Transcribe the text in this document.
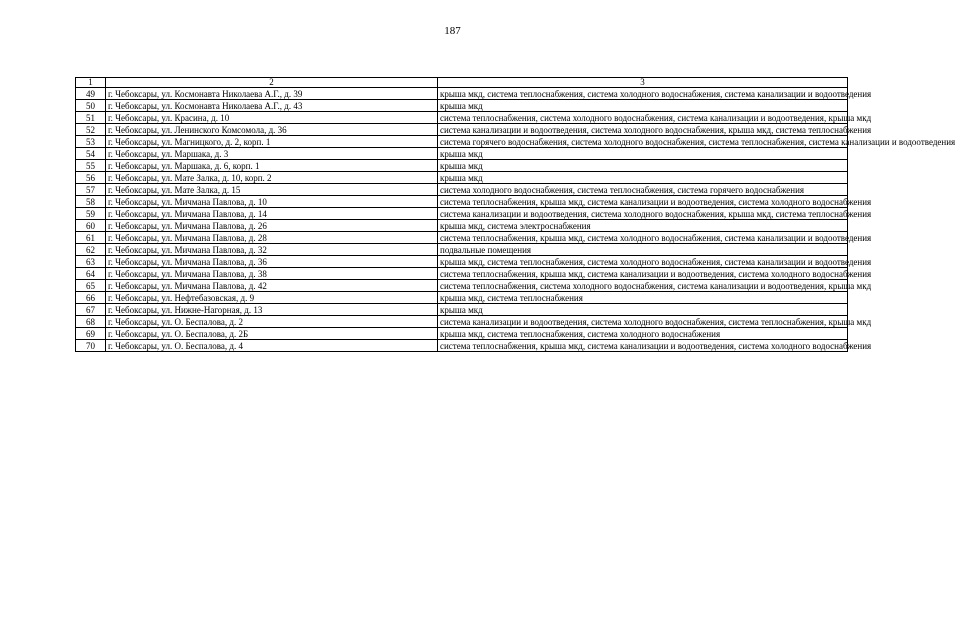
187
1	2	3
49	г. Чебоксары, ул. Космонавта Николаева А.Г., д. 39	крыша мкд, система теплоснабжения, система холодного водоснабжения, система канализации и водоотведения
50	г. Чебоксары, ул. Космонавта Николаева А.Г., д. 43	крыша мкд
51	г. Чебоксары, ул. Красина, д. 10	система теплоснабжения, система холодного водоснабжения, система канализации и водоотведения, крыша мкд
52	г. Чебоксары, ул. Ленинского Комсомола, д. 36	система канализации и водоотведения, система холодного водоснабжения, крыша мкд, система теплоснабжения
53	г. Чебоксары, ул. Магницкого, д. 2, корп. 1	система горячего водоснабжения, система холодного водоснабжения, система теплоснабжения, система канализации и водоотведения
54	г. Чебоксары, ул. Маршака, д. 3	крыша мкд
55	г. Чебоксары, ул. Маршака, д. 6, корп. 1	крыша мкд
56	г. Чебоксары, ул. Мате Залка, д. 10, корп. 2	крыша мкд
57	г. Чебоксары, ул. Мате Залка, д. 15	система холодного водоснабжения, система теплоснабжения, система горячего водоснабжения
58	г. Чебоксары, ул. Мичмана Павлова, д. 10	система теплоснабжения, крыша мкд, система канализации и водоотведения, система холодного водоснабжения
59	г. Чебоксары, ул. Мичмана Павлова, д. 14	система канализации и водоотведения, система холодного водоснабжения, крыша мкд, система теплоснабжения
60	г. Чебоксары, ул. Мичмана Павлова, д. 26	крыша мкд, система электроснабжения
61	г. Чебоксары, ул. Мичмана Павлова, д. 28	система теплоснабжения, крыша мкд, система холодного водоснабжения, система канализации и водоотведения
62	г. Чебоксары, ул. Мичмана Павлова, д. 32	подвальные помещения
63	г. Чебоксары, ул. Мичмана Павлова, д. 36	крыша мкд, система теплоснабжения, система холодного водоснабжения, система канализации и водоотведения
64	г. Чебоксары, ул. Мичмана Павлова, д. 38	система теплоснабжения, крыша мкд, система канализации и водоотведения, система холодного водоснабжения
65	г. Чебоксары, ул. Мичмана Павлова, д. 42	система теплоснабжения, система холодного водоснабжения, система канализации и водоотведения, крыша мкд
66	г. Чебоксары, ул. Нефтебазовская, д. 9	крыша мкд, система теплоснабжения
67	г. Чебоксары, ул. Нижне-Нагорная, д. 13	крыша мкд
68	г. Чебоксары, ул. О. Беспалова, д. 2	система канализации и водоотведения, система холодного водоснабжения, система теплоснабжения, крыша мкд
69	г. Чебоксары, ул. О. Беспалова, д. 2Б	крыша мкд, система теплоснабжения, система холодного водоснабжения
70	г. Чебоксары, ул. О. Беспалова, д. 4	система теплоснабжения, крыша мкд, система канализации и водоотведения, система холодного водоснабжения
